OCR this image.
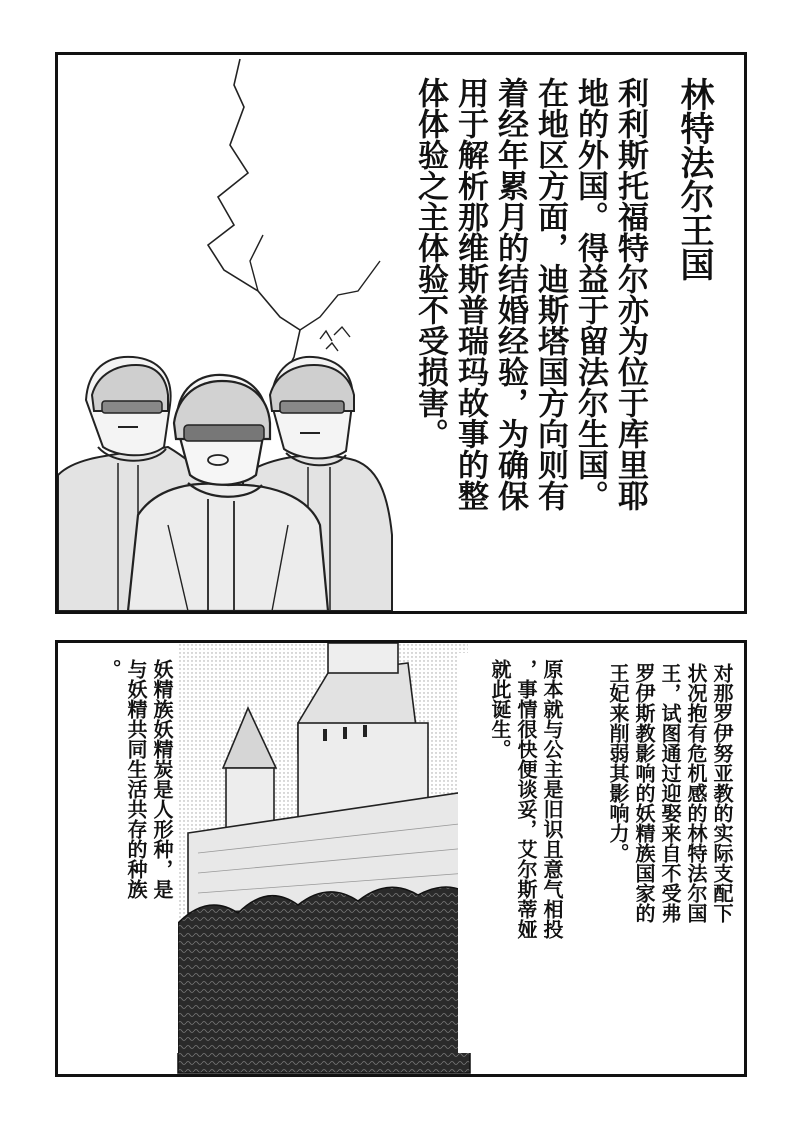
林特法尔王国
利利斯托福特尔亦为位于库里耶
地的外国。得益于留法尔生国。
在地区方面，迪斯塔国方向则有
着经年累月的结婚经验，为确保
用于解析那维斯普瑞玛故事的整
体体验之主体验不受损害。
对那罗伊努亚教的实际支配下
状况抱有危机感的林特法尔国
王，试图通过迎娶来自不受弗
罗伊斯教影响的妖精族国家的
王妃来削弱其影响力。
原本就与公主是旧识且意气相投
，事情很快便谈妥，艾尔斯蒂娅
就此诞生。
妖精族妖精炭是人形种，是
与妖精共同生活共存的种族
。
